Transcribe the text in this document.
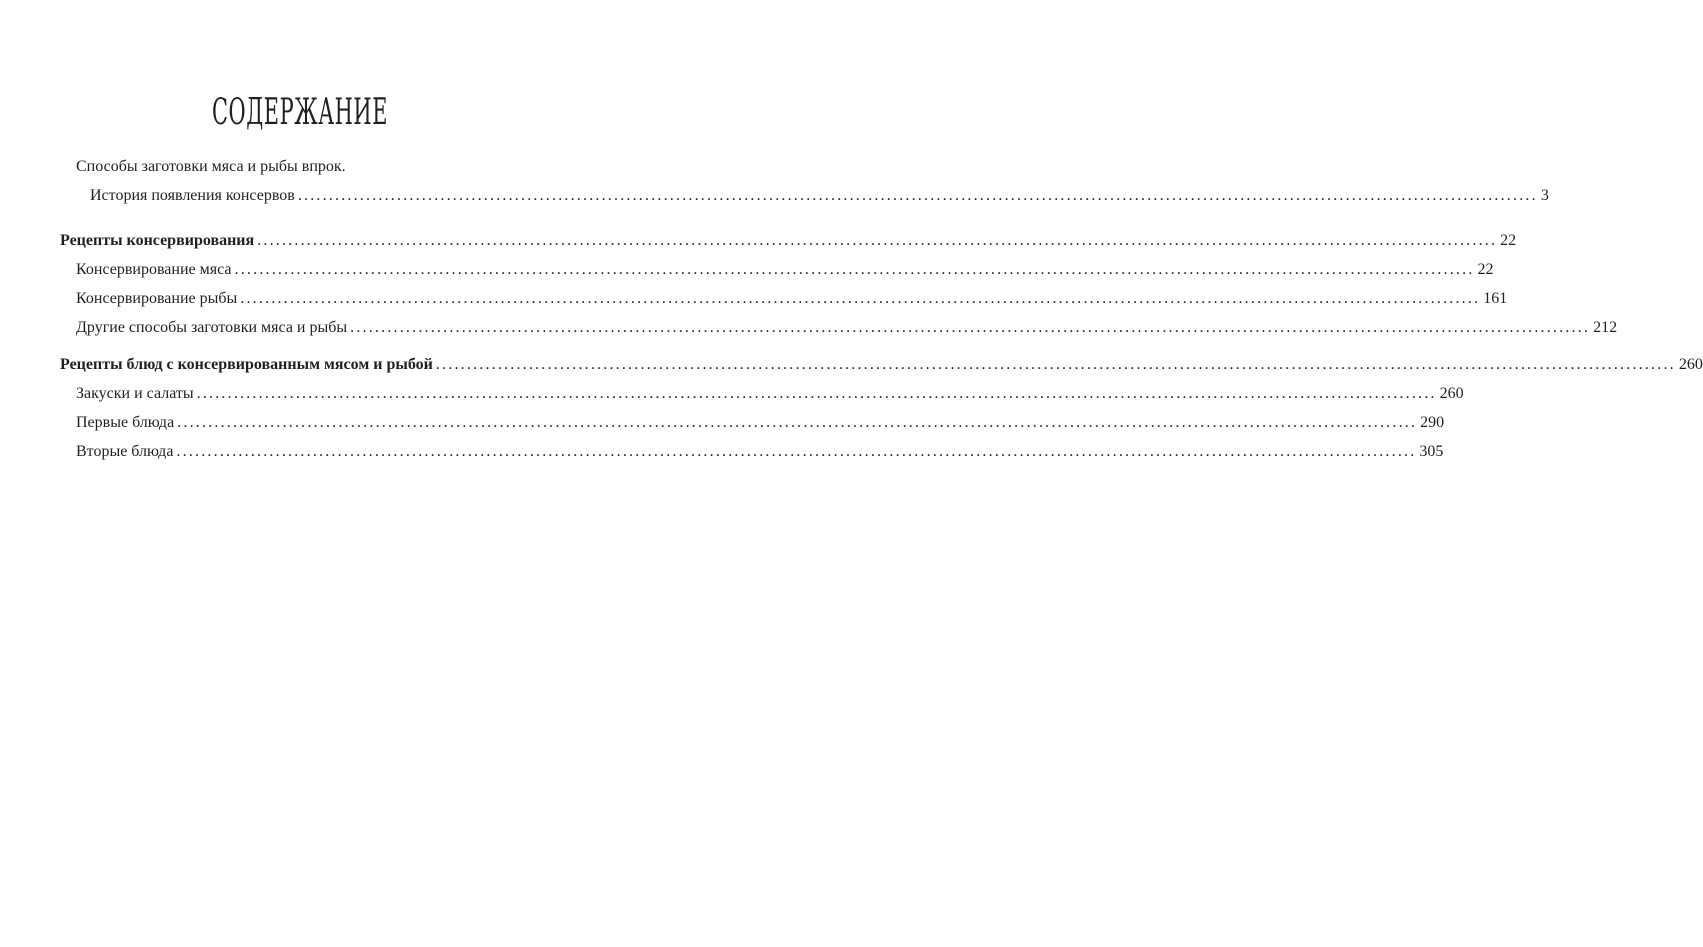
СОДЕРЖАНИЕ
Способы заготовки мяса и рыбы впрок.
История появления консервов ........................................................................................................................................................................................................ 3
Рецепты консервирования ........................................................................................................................................................................................................ 22
Консервирование мяса ........................................................................................................................................................................................................ 22
Консервирование рыбы ........................................................................................................................................................................................................ 161
Другие способы заготовки мяса и рыбы ........................................................................................................................................................................................................ 212
Рецепты блюд с консервированным мясом и рыбой ........................................................................................................................................................................................................ 260
Закуски и салаты ........................................................................................................................................................................................................ 260
Первые блюда ........................................................................................................................................................................................................ 290
Вторые блюда ........................................................................................................................................................................................................ 305
